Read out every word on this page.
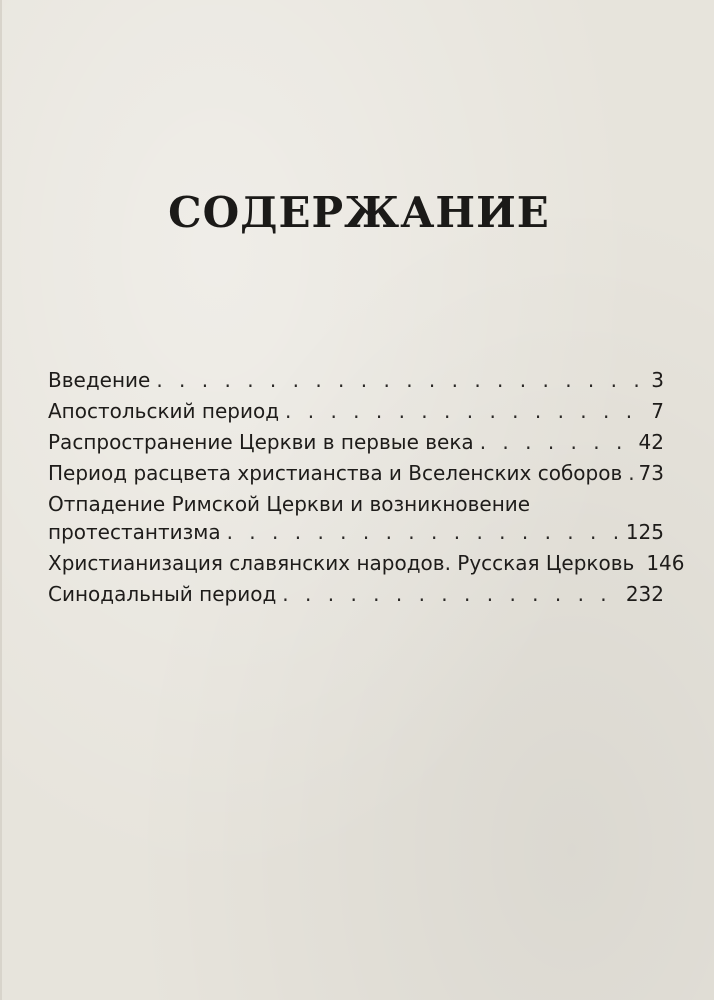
СОДЕРЖАНИЕ
Введение . . .	3
Апостольский период . . .	7
Распространение Церкви в первые века . . .	42
Период расцвета христианства и Вселенских соборов . . . 73
Отпадение Римской Церкви и возникновение
протестантизма . . .	125
Христианизация славянских народов. Русская Церковь 146
Синодальный период . . .	232
